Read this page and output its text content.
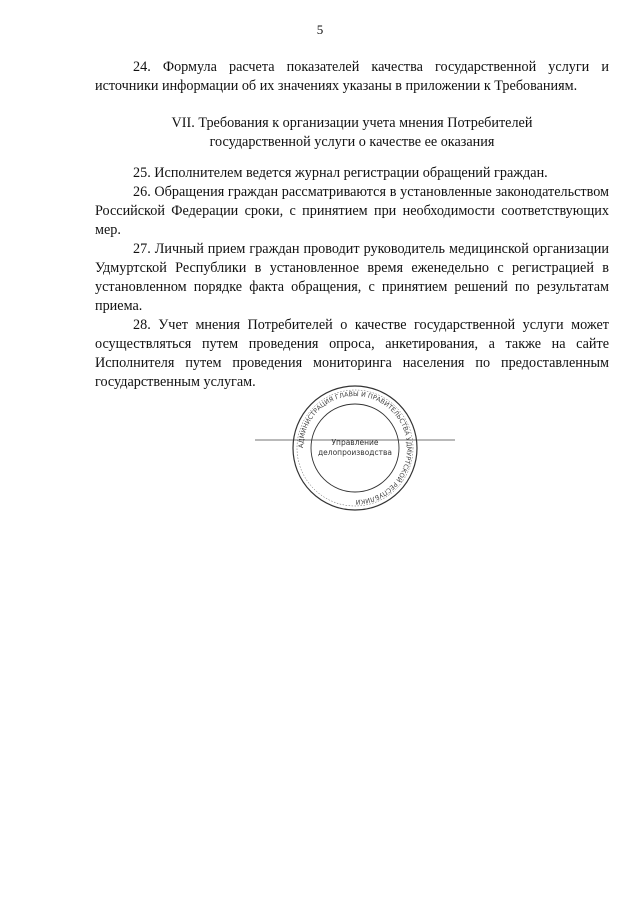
5

24. Формула расчета показателей качества государственной услуги и источники информации об их значениях указаны в приложении к Требованиям.

VII. Требования к организации учета мнения Потребителей
государственной услуги о качестве ее оказания

25. Исполнителем ведется журнал регистрации обращений граждан.

26. Обращения граждан рассматриваются в установленные законодательством Российской Федерации сроки, с принятием при необходимости соответствующих мер.

27. Личный прием граждан проводит руководитель медицинской организации Удмуртской Республики в установленное время еженедельно с регистрацией в установленном порядке факта обращения, с принятием решений по результатам приема.

28. Учет мнения Потребителей о качестве государственной услуги может осуществляться путем проведения опроса, анкетирования, а также на сайте Исполнителя путем проведения мониторинга населения по предоставленным государственным услугам.

АДМИНИСТРАЦИЯ ГЛАВЫ И ПРАВИТЕЛЬСТВА УДМУРТСКОЙ РЕСПУБЛИКИ
Управление
делопроизводства
